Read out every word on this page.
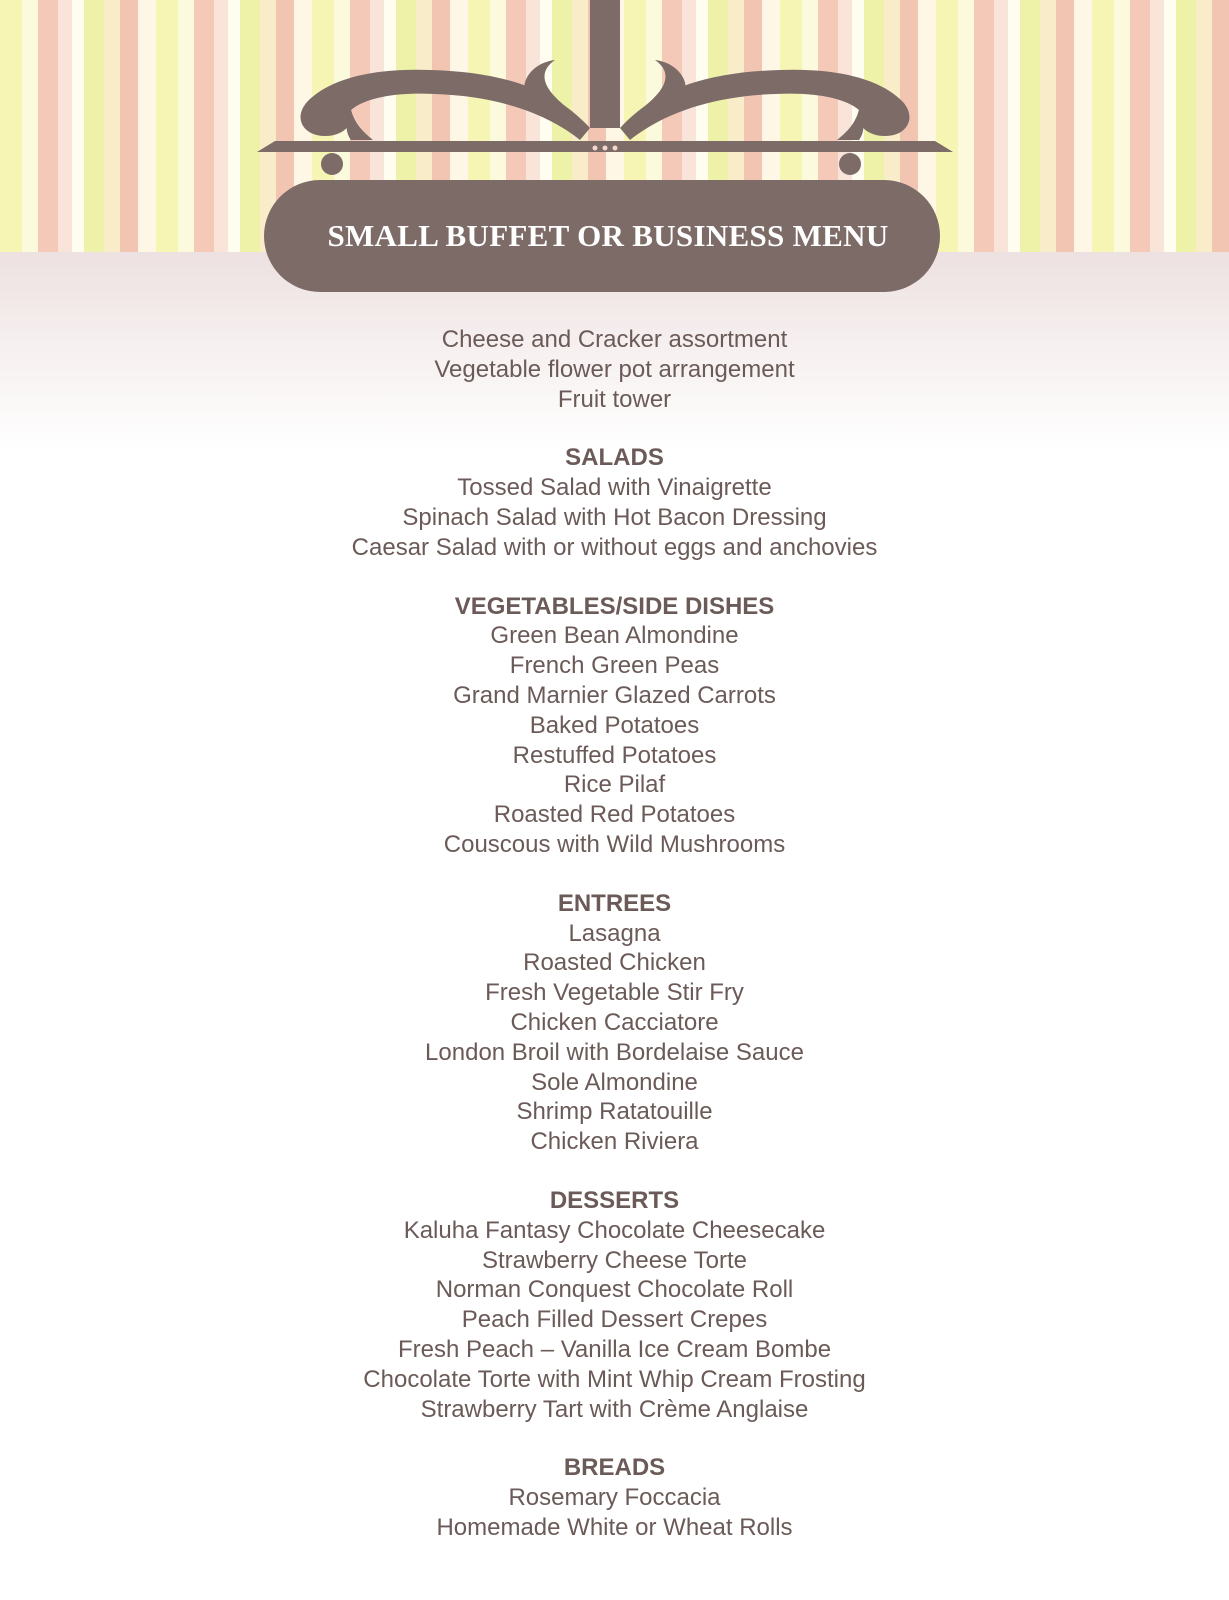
SMALL BUFFET OR BUSINESS MENU
Cheese and Cracker assortment
Vegetable flower pot arrangement
Fruit tower
SALADS
Tossed Salad with Vinaigrette
Spinach Salad with Hot Bacon Dressing
Caesar Salad with or without eggs and anchovies
VEGETABLES/SIDE DISHES
Green Bean Almondine
French Green Peas
Grand Marnier Glazed Carrots
Baked Potatoes
Restuffed Potatoes
Rice Pilaf
Roasted Red Potatoes
Couscous with Wild Mushrooms
ENTREES
Lasagna
Roasted Chicken
Fresh Vegetable Stir Fry
Chicken Cacciatore
London Broil with Bordelaise Sauce
Sole Almondine
Shrimp Ratatouille
Chicken Riviera
DESSERTS
Kaluha Fantasy Chocolate Cheesecake
Strawberry Cheese Torte
Norman Conquest Chocolate Roll
Peach Filled Dessert Crepes
Fresh Peach – Vanilla Ice Cream Bombe
Chocolate Torte with Mint Whip Cream Frosting
Strawberry Tart with Crème Anglaise
BREADS
Rosemary Foccacia
Homemade White or Wheat Rolls
